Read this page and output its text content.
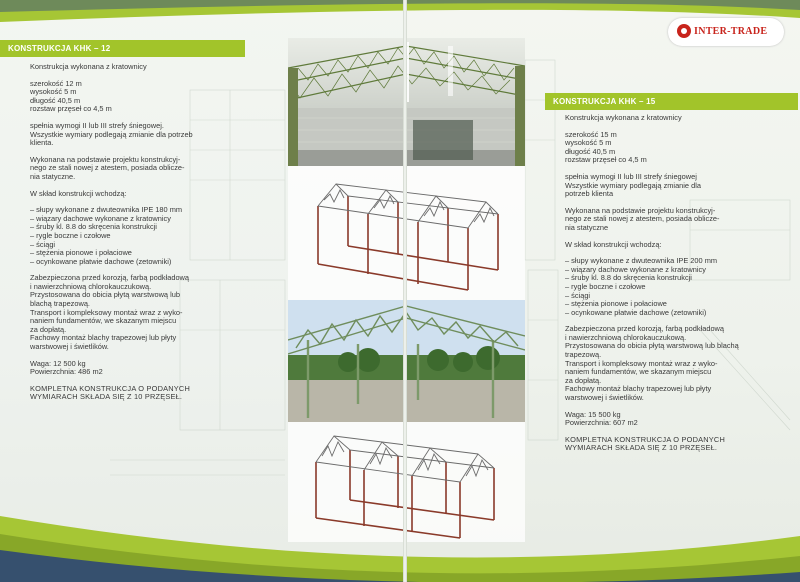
INTER-TRADE
KONSTRUKCJA KHK – 12

Konstrukcja wykonana z kratownicy

szerokość 12 m

wysokość 5 m

długość 40,5 m

rozstaw przęseł co 4,5 m

spełnia wymogi II lub III strefy śniegowej.

Wszystkie wymiary podlegają zmianie dla potrzeb

klienta.

Wykonana na podstawie projektu konstrukcyj-

nego ze stali nowej z atestem, posiada oblicze-

nia statyczne.

W skład konstrukcji wchodzą:

– słupy wykonane z dwuteownika IPE 180 mm
– wiązary dachowe wykonane z kratownicy
– śruby kl. 8.8 do skręcenia konstrukcji
– rygle boczne i czołowe
– ściągi
– stężenia pionowe i połaciowe
– ocynkowane płatwie dachowe (zetowniki)

Zabezpieczona przed korozją, farbą podkładową

i nawierzchniową chlorokauczukową.

Przystosowana do obicia płytą warstwową lub

blachą trapezową.

Transport i kompleksowy montaż wraz z wyko-

naniem fundamentów, we skazanym miejscu

za dopłatą.

Fachowy montaż blachy trapezowej lub płyty

warstwowej i świetlików.

Waga: 12 500 kg

Powierzchnia: 486 m2

KOMPLETNA KONSTRUKCJA O PODANYCH

WYMIARACH SKŁADA SIĘ Z 10 PRZĘSEŁ.

KONSTRUKCJA KHK – 15

Konstrukcja wykonana z kratownicy

szerokość 15 m

wysokość 5 m

długość 40,5 m

rozstaw przęseł co 4,5 m

spełnia wymogi II lub III strefy śniegowej

Wszystkie wymiary podlegają zmianie dla

potrzeb klienta

Wykonana na podstawie projektu konstrukcyj-

nego ze stali nowej z atestem, posiada oblicze-

nia statyczne

W skład konstrukcji wchodzą:

– słupy wykonane z dwuteownika IPE 200 mm
– wiązary dachowe wykonane z kratownicy
– śruby kl. 8.8 do skręcenia konstrukcji
– rygle boczne i czołowe
– ściągi
– stężenia pionowe i połaciowe
– ocynkowane płatwie dachowe (zetowniki)

Zabezpieczona przed korozją, farbą podkładową

i nawierzchniową chlorokauczukową.

Przystosowana do obicia płytą warstwową lub blachą

trapezową.

Transport i kompleksowy montaż wraz z wyko-

naniem fundamentów, we skazanym miejscu

za dopłatą.

Fachowy montaż blachy trapezowej lub płyty

warstwowej i świetlików.

Waga: 15 500 kg

Powierzchnia: 607 m2

KOMPLETNA KONSTRUKCJA O PODANYCH

WYMIARACH SKŁADA SIĘ Z 10 PRZĘSEŁ.
